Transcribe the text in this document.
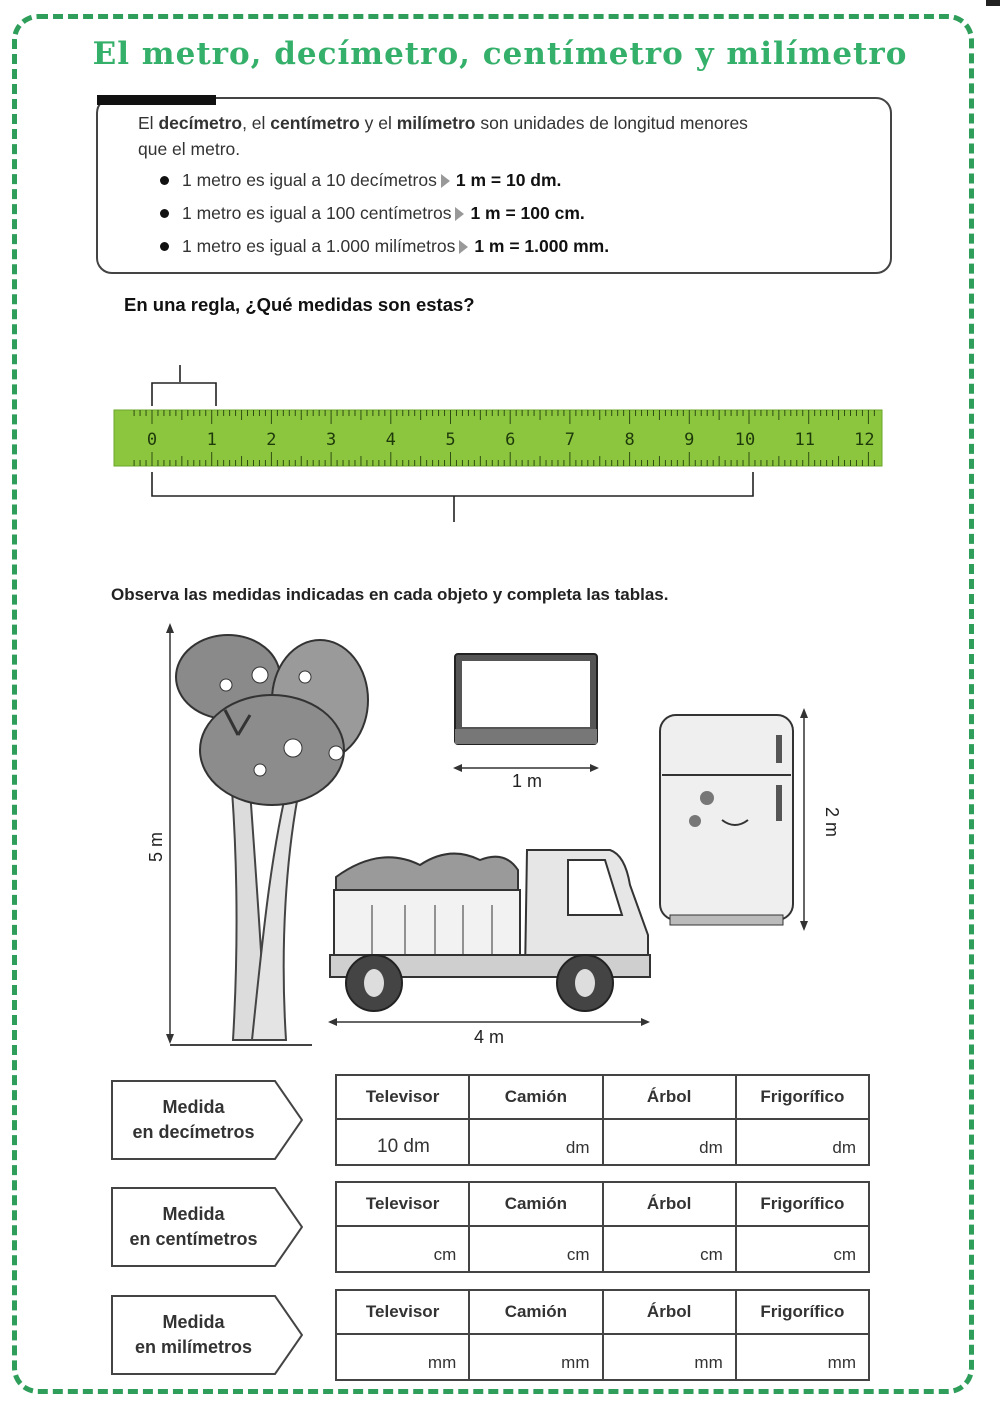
El metro, decímetro, centímetro y milímetro
El decímetro, el centímetro y el milímetro son unidades de longitud menores
que el metro.
1 metro es igual a 10 decímetros 1 m = 10 dm.
1 metro es igual a 100 centímetros 1 m = 100 cm.
1 metro es igual a 1.000 milímetros 1 m = 1.000 mm.
En una regla, ¿Qué medidas son estas?
0	1	2	3	4	5	6	7	8	9 10 11 12
Observa las medidas indicadas en cada objeto y completa las tablas.
5 m
1 m
2 m
4 m
Medida
en decímetros
Televisor	Camión	Árbol	Frigorífico
10 dm	dm	dm	dm
Medida
en centímetros
Televisor	Camión	Árbol	Frigorífico
cm	cm	cm	cm
Medida
en milímetros
Televisor	Camión	Árbol	Frigorífico
mm	mm	mm	mm
